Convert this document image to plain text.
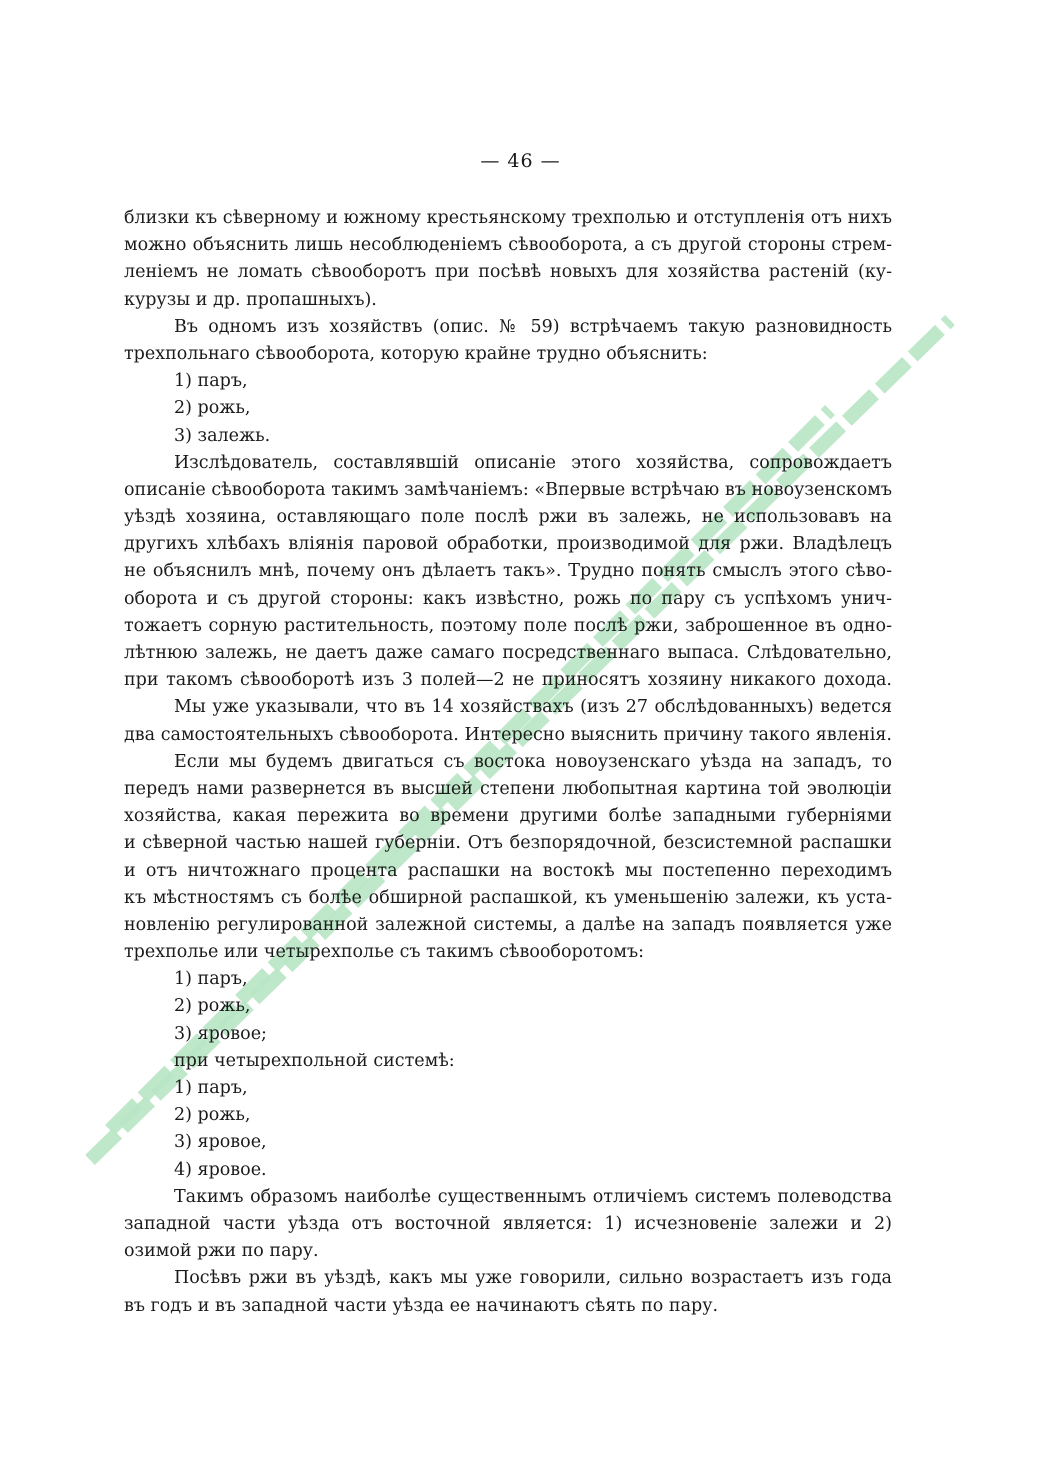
— 46 —
близки къ сѣверному и южному крестьянскому трехполью и отступленія отъ нихъ
можно объяснить лишь несоблюденіемъ сѣвооборота, а съ другой стороны стрем-
леніемъ не ломать сѣвооборотъ при посѣвѣ новыхъ для хозяйства растеній (ку-
курузы и др. пропашныхъ).
Въ одномъ изъ хозяйствъ (опис. № 59) встрѣчаемъ такую разновидность
трехпольнаго сѣвооборота, которую крайне трудно объяснить:
1) паръ,
2) рожь,
3) залежь.
Изслѣдователь, составлявшій описаніе этого хозяйства, сопровождаетъ
описаніе сѣвооборота такимъ замѣчаніемъ: «Впервые встрѣчаю въ новоузенскомъ
уѣздѣ хозяина, оставляющаго поле послѣ ржи въ залежь, не использовавъ на
другихъ хлѣбахъ вліянія паровой обработки, производимой для ржи. Владѣлецъ
не объяснилъ мнѣ, почему онъ дѣлаетъ такъ». Трудно понять смыслъ этого сѣво-
оборота и съ другой стороны: какъ извѣстно, рожь по пару съ успѣхомъ унич-
тожаетъ сорную растительность, поэтому поле послѣ ржи, заброшенное въ одно-
лѣтнюю залежь, не даетъ даже самаго посредственнаго выпаса. Слѣдовательно,
при такомъ сѣвооборотѣ изъ 3 полей—2 не приносятъ хозяину никакого дохода.
Мы уже указывали, что въ 14 хозяйствахъ (изъ 27 обслѣдованныхъ) ведется
два самостоятельныхъ сѣвооборота. Интересно выяснить причину такого явленія.
Если мы будемъ двигаться съ востока новоузенскаго уѣзда на западъ, то
передъ нами развернется въ высшей степени любопытная картина той эволюціи
хозяйства, какая пережита во времени другими болѣе западными губерніями
и сѣверной частью нашей губерніи. Отъ безпорядочной, безсистемной распашки
и отъ ничтожнаго процента распашки на востокѣ мы постепенно переходимъ
къ мѣстностямъ съ болѣе обширной распашкой, къ уменьшенію залежи, къ уста-
новленію регулированной залежной системы, а далѣе на западъ появляется уже
трехполье или четырехполье съ такимъ сѣвооборотомъ:
1) паръ,
2) рожь,
3) яровое;
при четырехпольной системѣ:
1) паръ,
2) рожь,
3) яровое,
4) яровое.
Такимъ образомъ наиболѣе существеннымъ отличіемъ системъ полеводства
западной части уѣзда отъ восточной является: 1) исчезновеніе залежи и 2)
озимой ржи по пару.
Посѣвъ ржи въ уѣздѣ, какъ мы уже говорили, сильно возрастаетъ изъ года
въ годъ и въ западной части уѣзда ее начинаютъ сѣять по пару.
